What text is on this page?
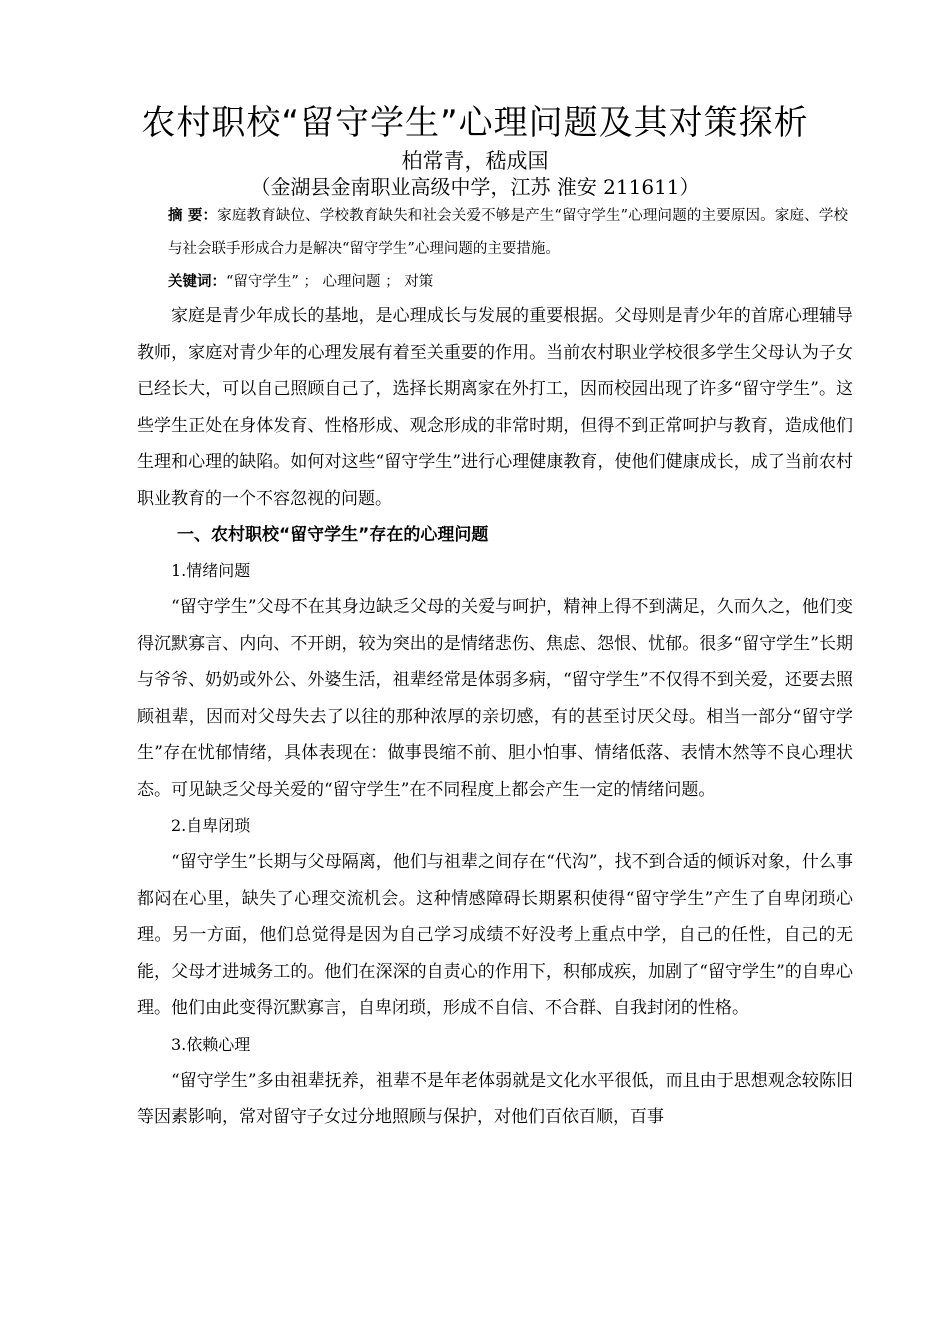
农村职校“留守学生”心理问题及其对策探析
柏常青，嵇成国
（金湖县金南职业高级中学，江苏 淮安 211611）
摘 要：家庭教育缺位、学校教育缺失和社会关爱不够是产生“留守学生”心理问题的主要原因。家庭、学校与社会联手形成合力是解决“留守学生”心理问题的主要措施。
关键词：“留守学生” ； 心理问题 ； 对策

家庭是青少年成长的基地，是心理成长与发展的重要根据。父母则是青少年的首席心理辅导教师，家庭对青少年的心理发展有着至关重要的作用。当前农村职业学校很多学生父母认为子女已经长大，可以自己照顾自己了，选择长期离家在外打工，因而校园出现了许多“留守学生”。这些学生正处在身体发育、性格形成、观念形成的非常时期，但得不到正常呵护与教育，造成他们生理和心理的缺陷。如何对这些“留守学生”进行心理健康教育，使他们健康成长，成了当前农村职业教育的一个不容忽视的问题。

一、农村职校“留守学生”存在的心理问题

1.情绪问题

“留守学生”父母不在其身边缺乏父母的关爱与呵护，精神上得不到满足，久而久之，他们变得沉默寡言、内向、不开朗，较为突出的是情绪悲伤、焦虑、怨恨、忧郁。很多“留守学生”长期与爷爷、奶奶或外公、外婆生活，祖辈经常是体弱多病，“留守学生”不仅得不到关爱，还要去照顾祖辈，因而对父母失去了以往的那种浓厚的亲切感，有的甚至讨厌父母。相当一部分“留守学生”存在忧郁情绪，具体表现在：做事畏缩不前、胆小怕事、情绪低落、表情木然等不良心理状态。可见缺乏父母关爱的“留守学生”在不同程度上都会产生一定的情绪问题。

2.自卑闭琐

“留守学生”长期与父母隔离，他们与祖辈之间存在“代沟”，找不到合适的倾诉对象，什么事都闷在心里，缺失了心理交流机会。这种情感障碍长期累积使得“留守学生”产生了自卑闭琐心理。另一方面，他们总觉得是因为自己学习成绩不好没考上重点中学，自己的任性，自己的无能，父母才进城务工的。他们在深深的自责心的作用下，积郁成疾，加剧了“留守学生”的自卑心理。他们由此变得沉默寡言，自卑闭琐，形成不自信、不合群、自我封闭的性格。

3.依赖心理

“留守学生”多由祖辈抚养，祖辈不是年老体弱就是文化水平很低，而且由于思想观念较陈旧等因素影响，常对留守子女过分地照顾与保护，对他们百依百顺，百事
